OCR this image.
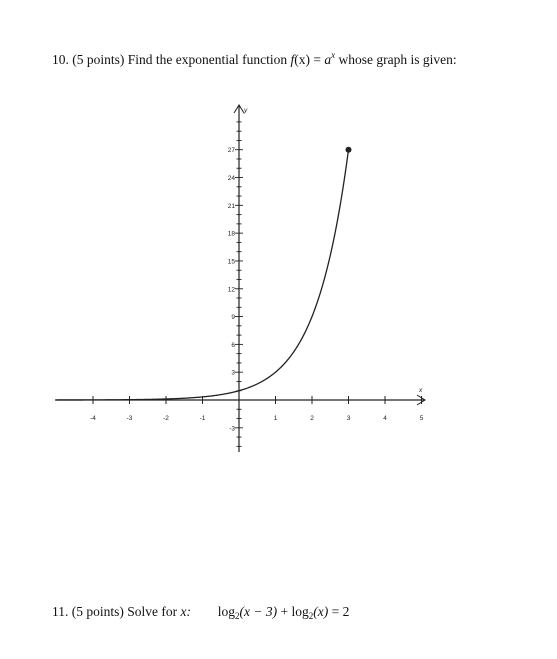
10. (5 points) Find the exponential function $f(x) = a^x$ whose graph is given:
x
y
-4	-3	-2	-1	1	2	3	4	5
-3
3
6
9
12
15
18
21
24
27
11. (5 points) Solve for x: $\log_2(x - 3) + \log_2(x) = 2$
